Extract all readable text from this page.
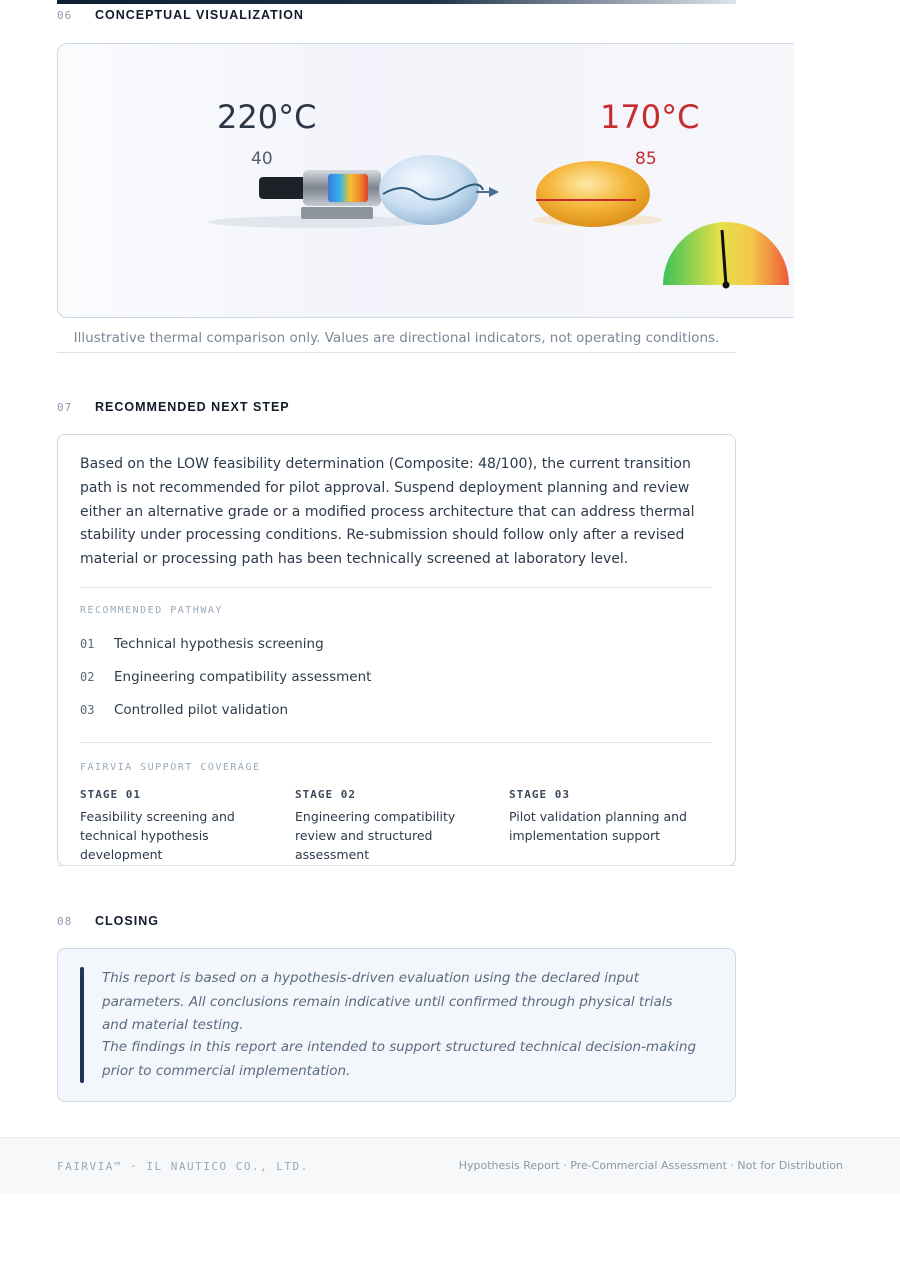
06 CONCEPTUAL VISUALIZATION
220°C
40
170°C
85
Illustrative thermal comparison only. Values are directional indicators, not operating conditions.
07 RECOMMENDED NEXT STEP
Based on the LOW feasibility determination (Composite: 48/100), the current transition path is not recommended for pilot approval. Suspend deployment planning and review either an alternative grade or a modified process architecture that can address thermal stability under processing conditions. Re-submission should follow only after a revised material or processing path has been technically screened at laboratory level.
RECOMMENDED PATHWAY
01 Technical hypothesis screening
02 Engineering compatibility assessment
03 Controlled pilot validation
FAIRVIA SUPPORT COVERAGE
STAGE 01
Feasibility screening and technical hypothesis development
STAGE 02
Engineering compatibility review and structured assessment
STAGE 03
Pilot validation planning and implementation support
08 CLOSING
This report is based on a hypothesis-driven evaluation using the declared input parameters. All conclusions remain indicative until confirmed through physical trials and material testing.
The findings in this report are intended to support structured technical decision-making prior to commercial implementation.
FAIRVIA™ · IL NAUTICO CO., LTD.	Hypothesis Report · Pre-Commercial Assessment · Not for Distribution
